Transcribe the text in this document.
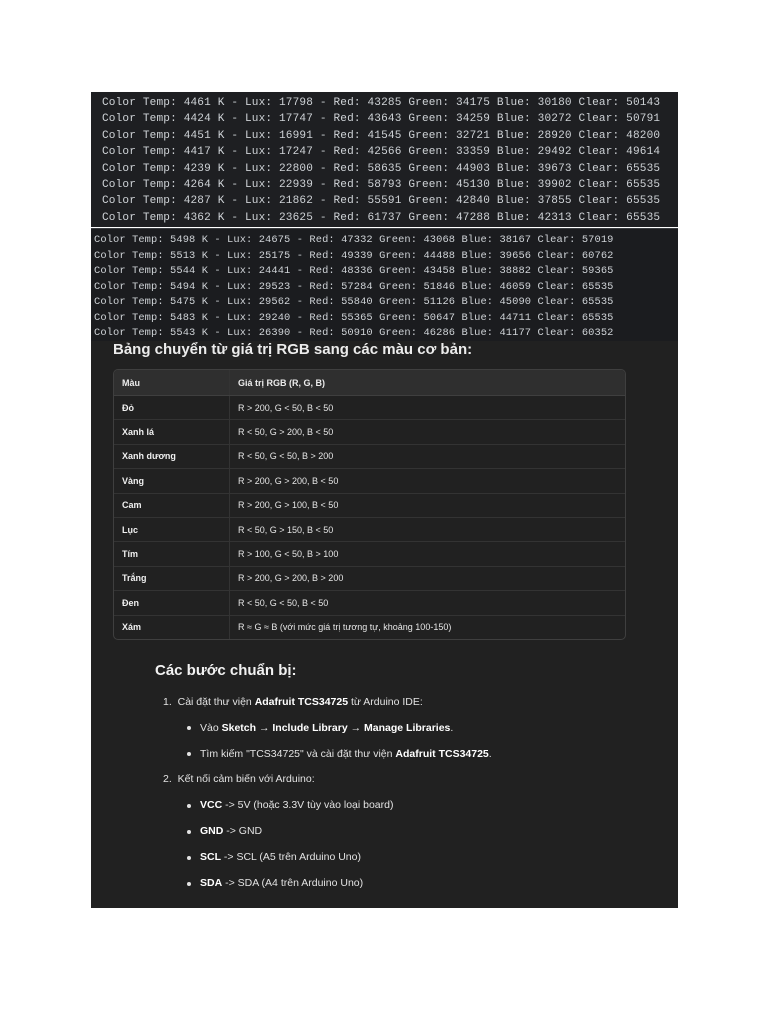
Color Temp: 4461 K - Lux: 17798 - Red: 43285 Green: 34175 Blue: 30180 Clear: 50143
Color Temp: 4424 K - Lux: 17747 - Red: 43643 Green: 34259 Blue: 30272 Clear: 50791
Color Temp: 4451 K - Lux: 16991 - Red: 41545 Green: 32721 Blue: 28920 Clear: 48200
Color Temp: 4417 K - Lux: 17247 - Red: 42566 Green: 33359 Blue: 29492 Clear: 49614
Color Temp: 4239 K - Lux: 22800 - Red: 58635 Green: 44903 Blue: 39673 Clear: 65535
Color Temp: 4264 K - Lux: 22939 - Red: 58793 Green: 45130 Blue: 39902 Clear: 65535
Color Temp: 4287 K - Lux: 21862 - Red: 55591 Green: 42840 Blue: 37855 Clear: 65535
Color Temp: 4362 K - Lux: 23625 - Red: 61737 Green: 47288 Blue: 42313 Clear: 65535
Color Temp: 5498 K - Lux: 24675 - Red: 47332 Green: 43068 Blue: 38167 Clear: 57019
Color Temp: 5513 K - Lux: 25175 - Red: 49339 Green: 44488 Blue: 39656 Clear: 60762
Color Temp: 5544 K - Lux: 24441 - Red: 48336 Green: 43458 Blue: 38882 Clear: 59365
Color Temp: 5494 K - Lux: 29523 - Red: 57284 Green: 51846 Blue: 46059 Clear: 65535
Color Temp: 5475 K - Lux: 29562 - Red: 55840 Green: 51126 Blue: 45090 Clear: 65535
Color Temp: 5483 K - Lux: 29240 - Red: 55365 Green: 50647 Blue: 44711 Clear: 65535
Color Temp: 5543 K - Lux: 26390 - Red: 50910 Green: 46286 Blue: 41177 Clear: 60352
Bảng chuyển từ giá trị RGB sang các màu cơ bản:
Màu	Giá trị RGB (R, G, B)
Đỏ	R > 200, G < 50, B < 50
Xanh lá	R < 50, G > 200, B < 50
Xanh dương	R < 50, G < 50, B > 200
Vàng	R > 200, G > 200, B < 50
Cam	R > 200, G > 100, B < 50
Lục	R < 50, G > 150, B < 50
Tím	R > 100, G < 50, B > 100
Trắng	R > 200, G > 200, B > 200
Đen	R < 50, G < 50, B < 50
Xám	R ≈ G ≈ B (với mức giá trị tương tự, khoảng 100-150)
Các bước chuẩn bị:
1. Cài đặt thư viện Adafruit TCS34725 từ Arduino IDE:
Vào Sketch → Include Library → Manage Libraries.
Tìm kiếm "TCS34725" và cài đặt thư viện Adafruit TCS34725.
2. Kết nối cảm biến với Arduino:
VCC -> 5V (hoặc 3.3V tùy vào loại board)
GND -> GND
SCL -> SCL (A5 trên Arduino Uno)
SDA -> SDA (A4 trên Arduino Uno)
